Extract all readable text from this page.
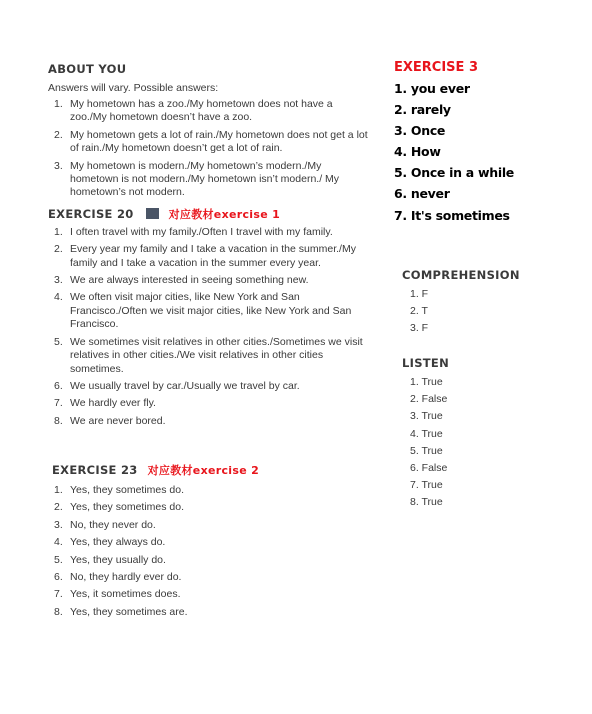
ABOUT YOU
Answers will vary. Possible answers:
1. My hometown has a zoo./My hometown does not have a zoo./My hometown doesn’t have a zoo.
2. My hometown gets a lot of rain./My hometown does not get a lot of rain./My hometown doesn’t get a lot of rain.
3. My hometown is modern./My hometown’s modern./My hometown is not modern./My hometown isn’t modern./ My hometown’s not modern.
EXERCISE 20	对应教材exercise 1
1. I often travel with my family./Often I travel with my family.
2. Every year my family and I take a vacation in the summer./My family and I take a vacation in the summer every year.
3. We are always interested in seeing something new.
4. We often visit major cities, like New York and San Francisco./Often we visit major cities, like New York and San Francisco.
5. We sometimes visit relatives in other cities./Sometimes we visit relatives in other cities./We visit relatives in other cities sometimes.
6. We usually travel by car./Usually we travel by car.
7. We hardly ever fly.
8. We are never bored.
EXERCISE 23 对应教材exercise 2
1. Yes, they sometimes do.
2. Yes, they sometimes do.
3. No, they never do.
4. Yes, they always do.
5. Yes, they usually do.
6. No, they hardly ever do.
7. Yes, it sometimes does.
8. Yes, they sometimes are.
EXERCISE 3
1. you ever
2. rarely
3. Once
4. How
5. Once in a while
6. never
7. It's sometimes
COMPREHENSION
1. F
2. T
3. F
LISTEN
1. True
2. False
3. True
4. True
5. True
6. False
7. True
8. True
